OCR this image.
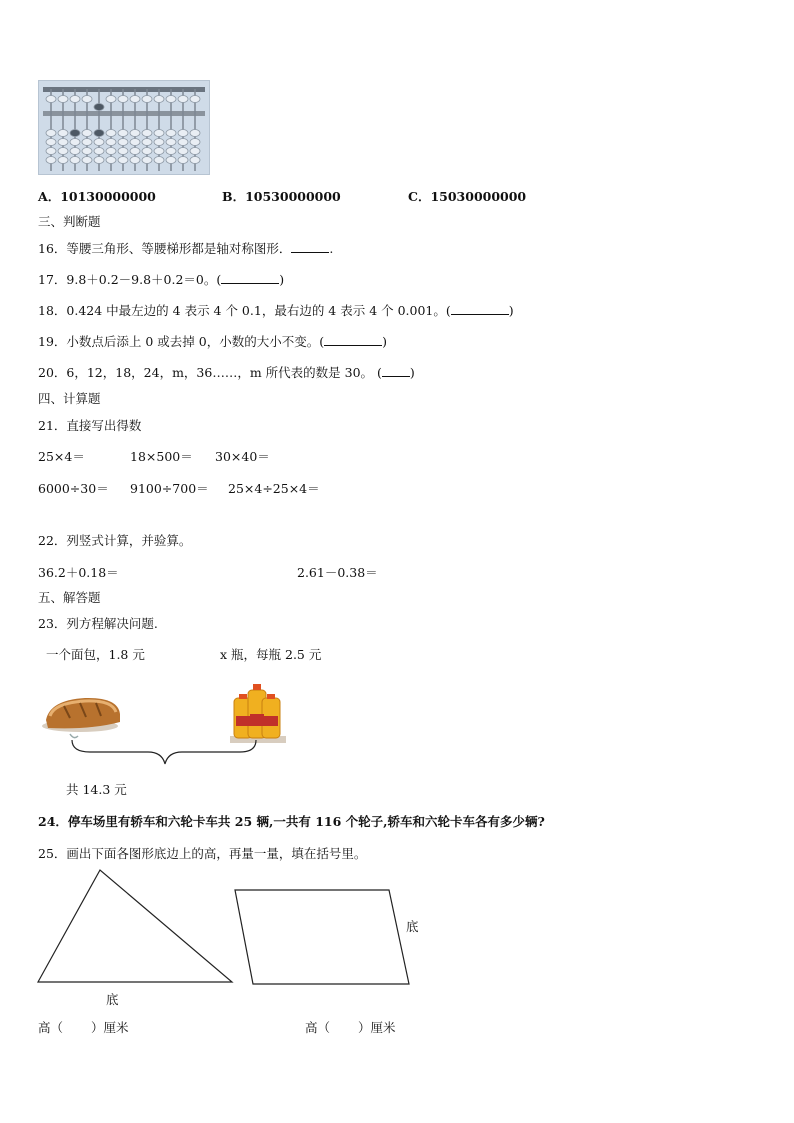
A．10130000000	B．10530000000	C．15030000000
三、判断题
16．等腰三角形、等腰梯形都是轴对称图形．	.
17．9.8＋0.2－9.8＋0.2＝0。(	)
18．0.424 中最左边的 4 表示 4 个 0.1，最右边的 4 表示 4 个 0.001。(	)
19．小数点后添上 0 或去掉 0，小数的大小不变。(	)
20．6，12，18，24，m，36……，m 所代表的数是 30。 ( )
四、计算题
21．直接写出得数
25×4＝	18×500＝ 30×40＝
6000÷30＝ 9100÷700＝ 25×4÷25×4＝
22．列竖式计算，并验算。
36.2＋0.18＝	2.61－0.38＝
五、解答题
23．列方程解决问题.
一个面包，1.8 元	x 瓶，每瓶 2.5 元
共 14.3 元
24．停车场里有轿车和六轮卡车共 25 辆,一共有 116 个轮子,轿车和六轮卡车各有多少辆?
25．画出下面各图形底边上的高，再量一量，填在括号里。
底
底
高（ ）厘米	高（ ）厘米
